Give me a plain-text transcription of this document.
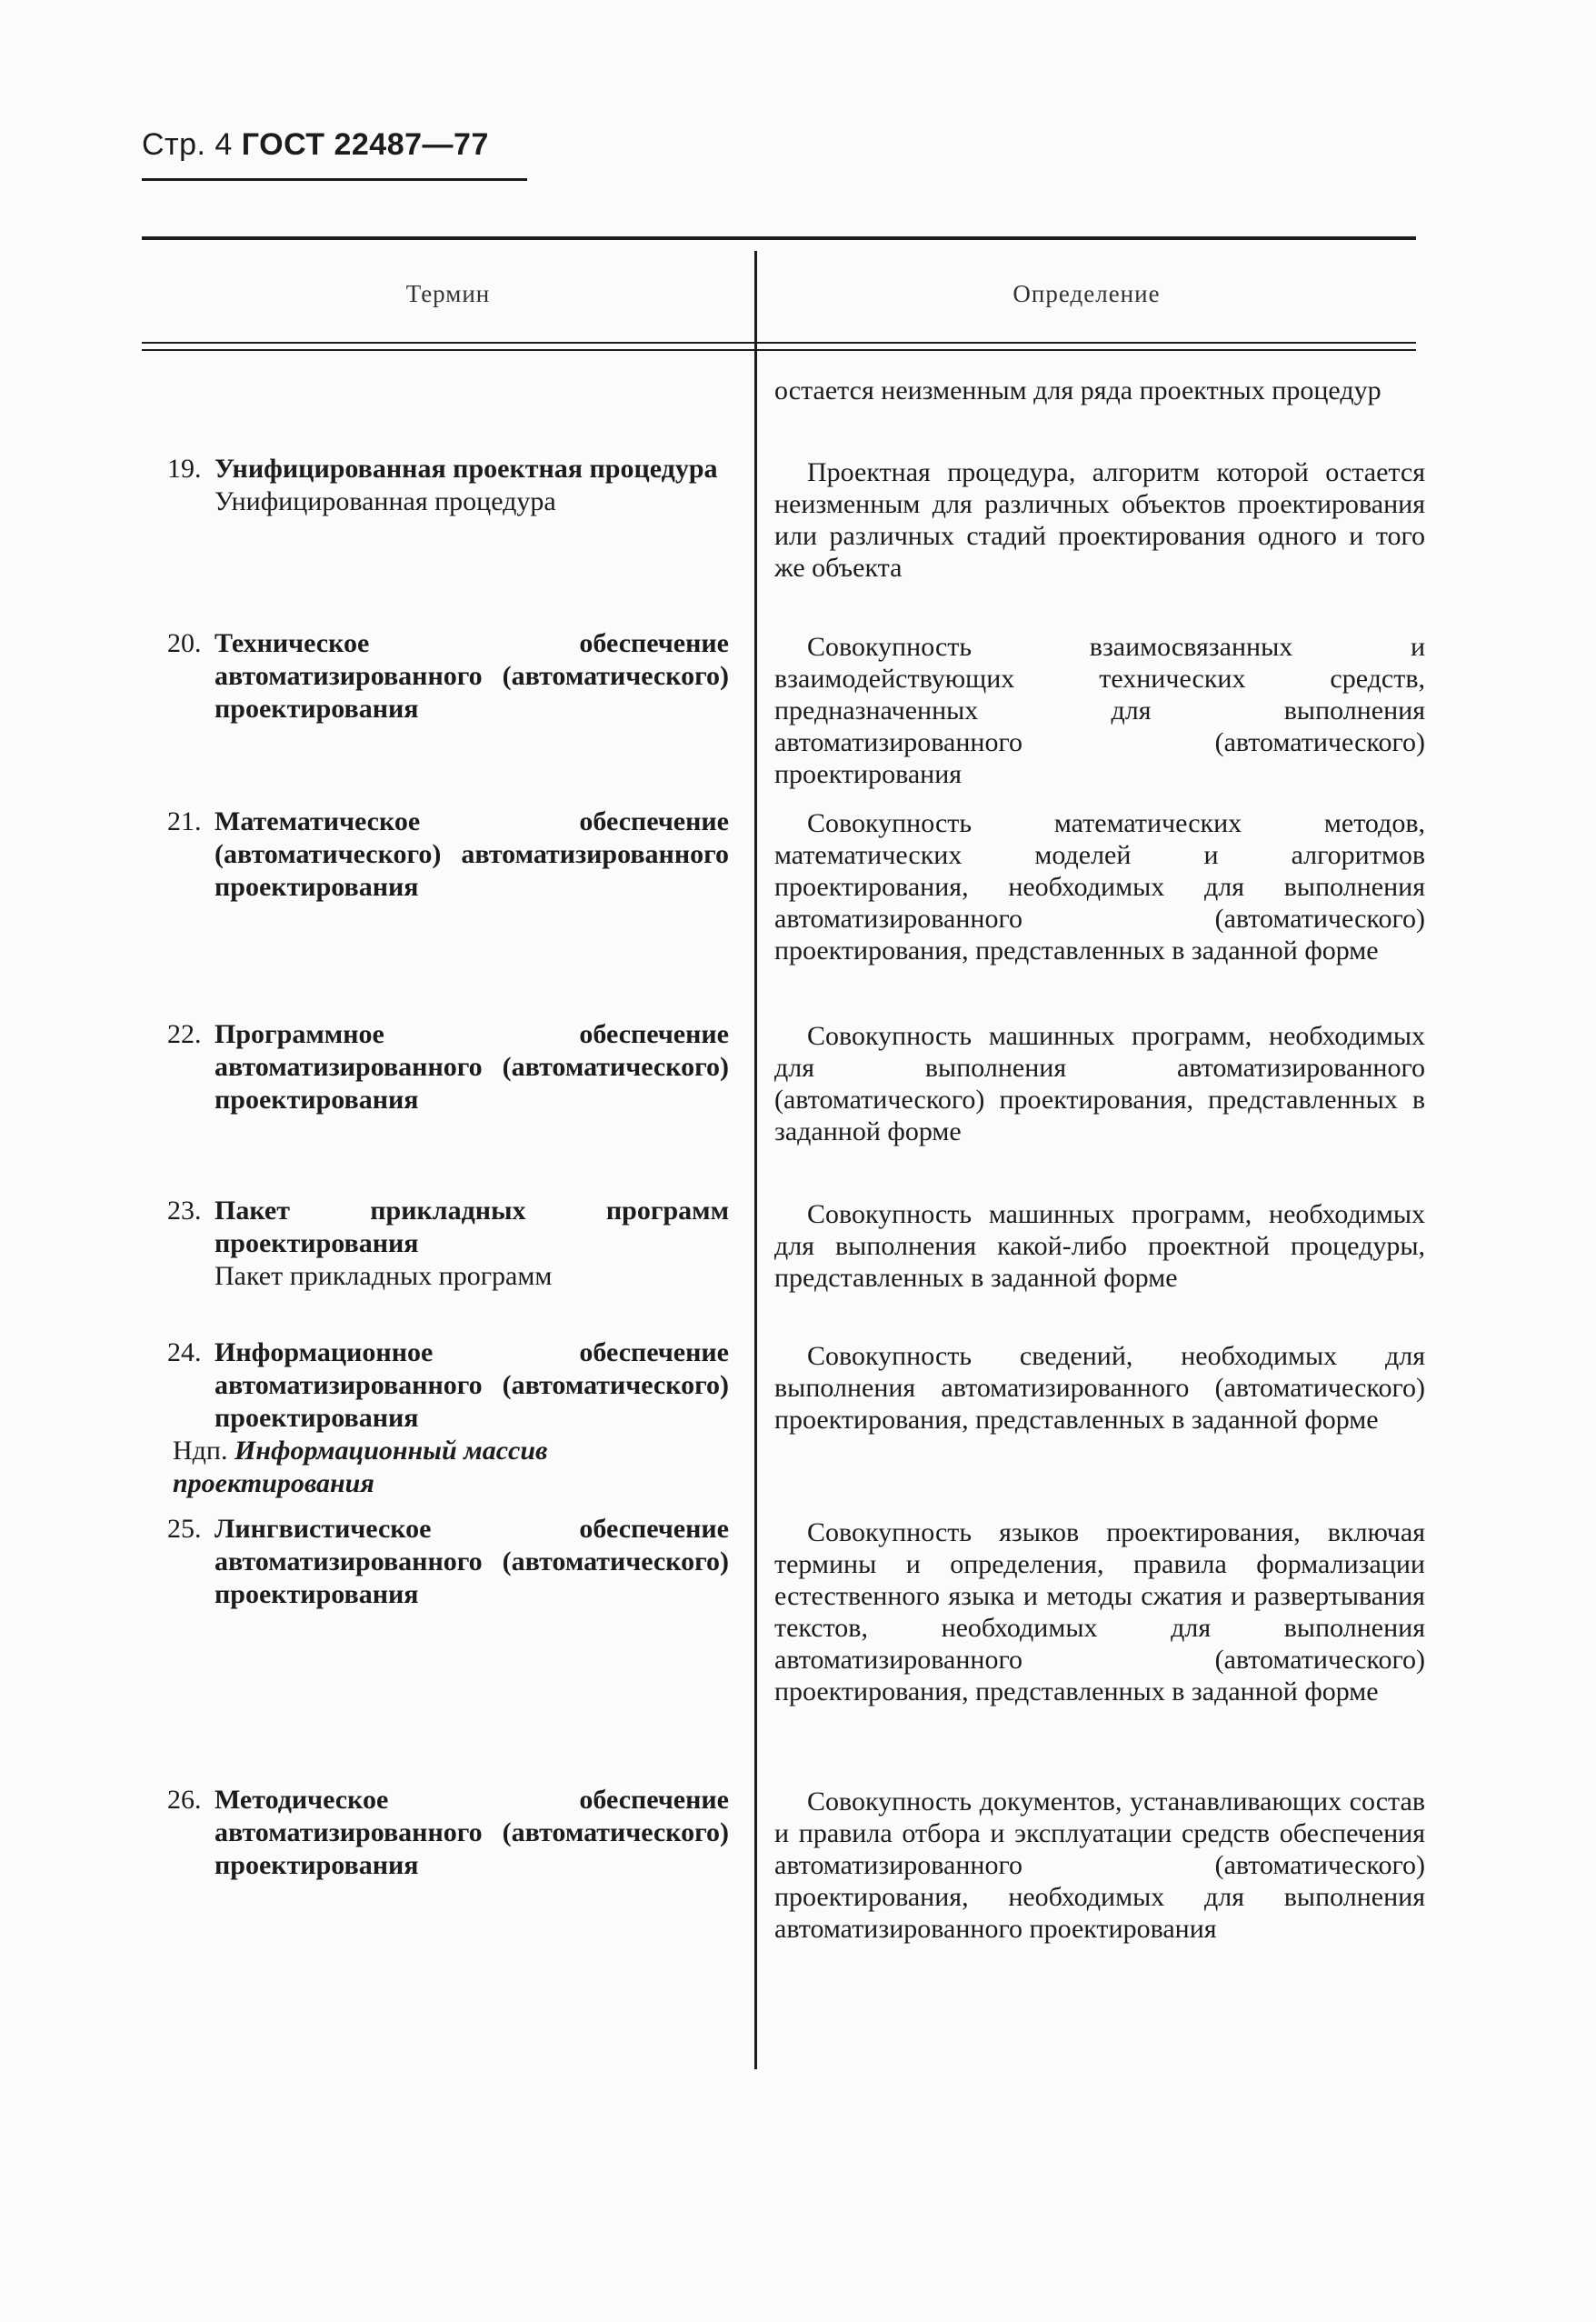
Стр. 4 ГОСТ 22487—77
Термин	Определение
остается неизменным для ряда проектных процедур
19. Унифицированная проектная процедура
Унифицированная процедура
Проектная процедура, алгоритм которой остается неизменным для различных объектов проектирования или различных стадий проектирования одного и того же объекта
20. Техническое обеспечение автоматизированного (автоматического) проектирования
Совокупность взаимосвязанных и взаимодействующих технических средств, предназначенных для выполнения автоматизированного (автоматического) проектирования
21. Математическое обеспечение (автоматического) автоматизированного проектирования
Совокупность математических методов, математических моделей и алгоритмов проектирования, необходимых для выполнения автоматизированного (автоматического) проектирования, представленных в заданной форме
22. Программное обеспечение автоматизированного (автоматического) проектирования
Совокупность машинных программ, необходимых для выполнения автоматизированного (автоматического) проектирования, представленных в заданной форме
23. Пакет прикладных программ проектирования
Пакет прикладных программ
Совокупность машинных программ, необходимых для выполнения какой-либо проектной процедуры, представленных в заданной форме
24. Информационное обеспечение автоматизированного (автоматического) проектирования
Ндп. Информационный массив проектирования
Совокупность сведений, необходимых для выполнения автоматизированного (автоматического) проектирования, представленных в заданной форме
25. Лингвистическое обеспечение автоматизированного (автоматического) проектирования
Совокупность языков проектирования, включая термины и определения, правила формализации естественного языка и методы сжатия и развертывания текстов, необходимых для выполнения автоматизированного (автоматического) проектирования, представленных в заданной форме
26. Методическое обеспечение автоматизированного (автоматического) проектирования
Совокупность документов, устанавливающих состав и правила отбора и эксплуатации средств обеспечения автоматизированного (автоматического) проектирования, необходимых для выполнения автоматизированного проектирования
